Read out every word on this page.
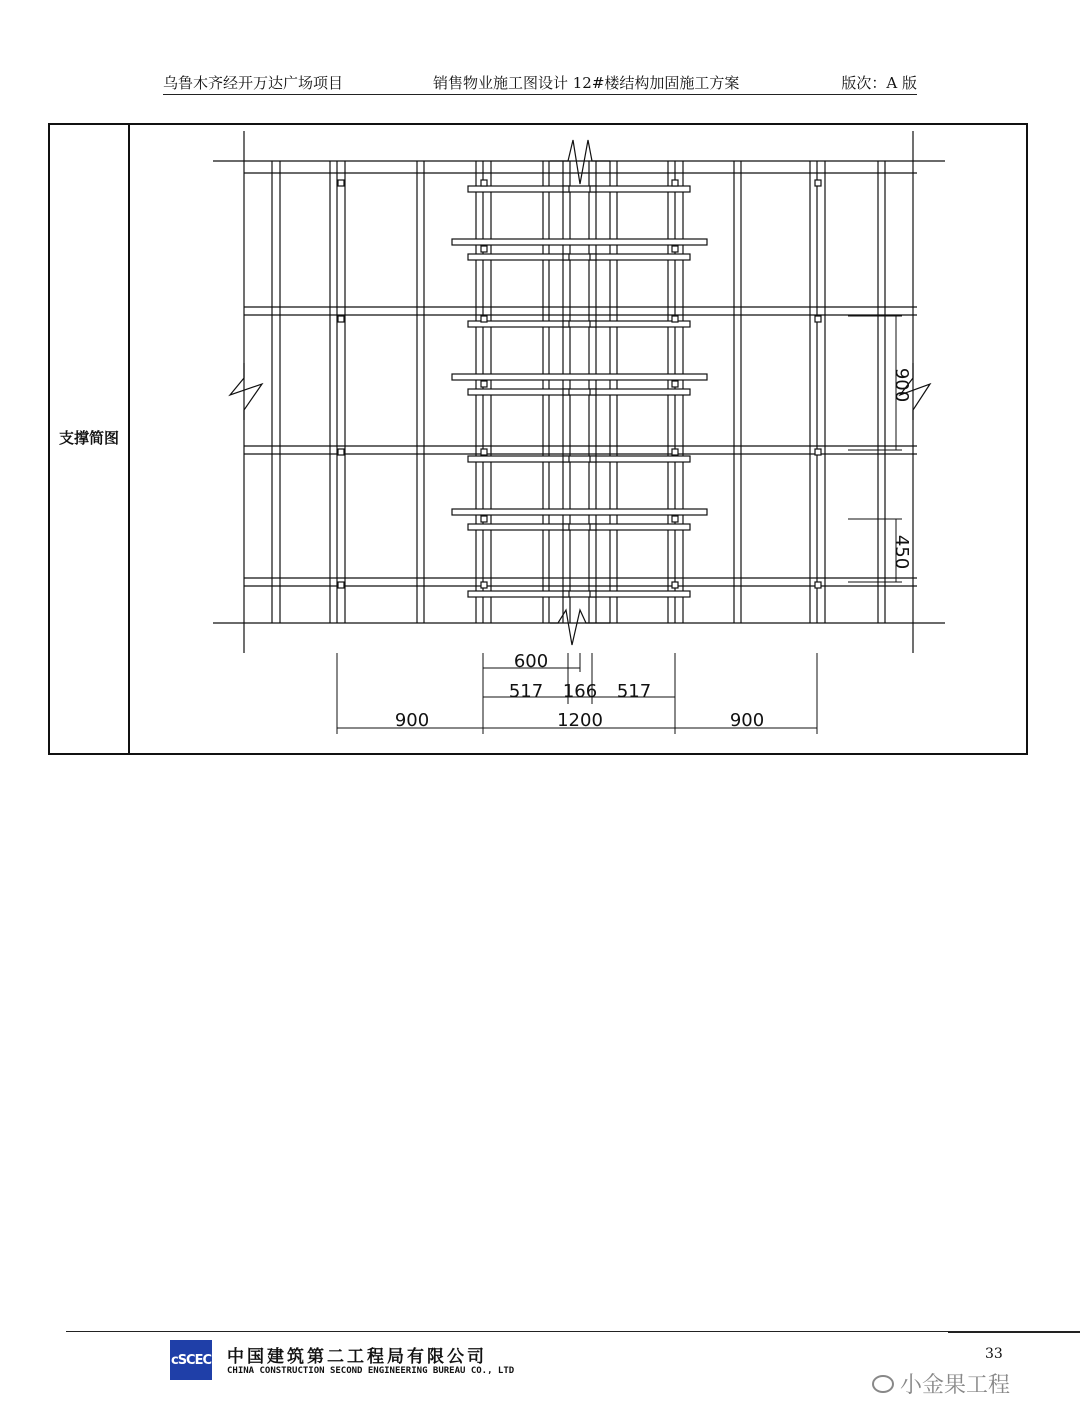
乌鲁木齐经开万达广场项目	销售物业施工图设计 12#楼结构加固施工方案	版次：A 版
支撑简图
600
517 166 517
900	1200	900
900
450
cSCEC 中国建筑第二工程局有限公司
CHINA CONSTRUCTION SECOND ENGINEERING BUREAU CO., LTD
33
小金果工程
